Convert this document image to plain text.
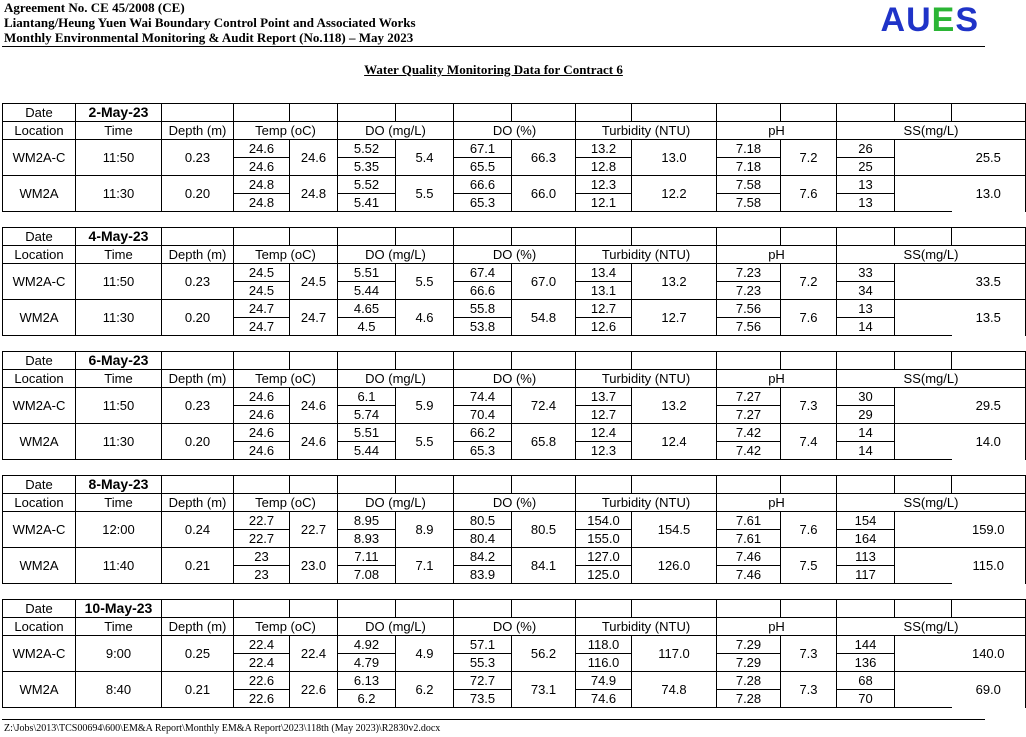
Agreement No. CE 45/2008 (CE)
Liantang/Heung Yuen Wai Boundary Control Point and Associated Works
Monthly Environmental Monitoring & Audit Report (No.118) – May 2023	AUES
Water Quality Monitoring Data for Contract 6
Date	2-May-23														
Location	Time	Depth (m)	Temp (oC)		DO (mg/L)		DO (%)		Turbidity (NTU)		pH		SS(mg/L)		
WM2A-C	11:50	0.23	24.6	24.6	5.52	5.4	67.1	66.3	13.2	13.0	7.18	7.2	26		25.5
			24.6		5.35		65.5		12.8		7.18		25		
WM2A	11:30	0.20	24.8	24.8	5.52	5.5	66.6	66.0	12.3	12.2	7.58	7.6	13		13.0
			24.8		5.41		65.3		12.1		7.58		13		
Date	4-May-23														
Location	Time	Depth (m)	Temp (oC)		DO (mg/L)		DO (%)		Turbidity (NTU)		pH		SS(mg/L)		
WM2A-C	11:50	0.23	24.5	24.5	5.51	5.5	67.4	67.0	13.4	13.2	7.23	7.2	33		33.5
			24.5		5.44		66.6		13.1		7.23		34		
WM2A	11:30	0.20	24.7	24.7	4.65	4.6	55.8	54.8	12.7	12.7	7.56	7.6	13		13.5
			24.7		4.5		53.8		12.6		7.56		14		
Date	6-May-23														
Location	Time	Depth (m)	Temp (oC)		DO (mg/L)		DO (%)		Turbidity (NTU)		pH		SS(mg/L)		
WM2A-C	11:50	0.23	24.6	24.6	6.1	5.9	74.4	72.4	13.7	13.2	7.27	7.3	30		29.5
			24.6		5.74		70.4		12.7		7.27		29		
WM2A	11:30	0.20	24.6	24.6	5.51	5.5	66.2	65.8	12.4	12.4	7.42	7.4	14		14.0
			24.6		5.44		65.3		12.3		7.42		14		
Date	8-May-23														
Location	Time	Depth (m)	Temp (oC)		DO (mg/L)		DO (%)		Turbidity (NTU)		pH		SS(mg/L)		
WM2A-C	12:00	0.24	22.7	22.7	8.95	8.9	80.5	80.5	154.0	154.5	7.61	7.6	154		159.0
			22.7		8.93		80.4		155.0		7.61		164		
WM2A	11:40	0.21	23	23.0	7.11	7.1	84.2	84.1	127.0	126.0	7.46	7.5	113		115.0
			23		7.08		83.9		125.0		7.46		117		
Date	10-May-23														
Location	Time	Depth (m)	Temp (oC)		DO (mg/L)		DO (%)		Turbidity (NTU)		pH		SS(mg/L)		
WM2A-C	9:00	0.25	22.4	22.4	4.92	4.9	57.1	56.2	118.0	117.0	7.29	7.3	144		140.0
			22.4		4.79		55.3		116.0		7.29		136		
WM2A	8:40	0.21	22.6	22.6	6.13	6.2	72.7	73.1	74.9	74.8	7.28	7.3	68		69.0
			22.6		6.2		73.5		74.6		7.28		70		
Z:\Jobs\2013\TCS00694\600\EM&A Report\Monthly EM&A Report\2023\118th (May 2023)\R2830v2.docx
